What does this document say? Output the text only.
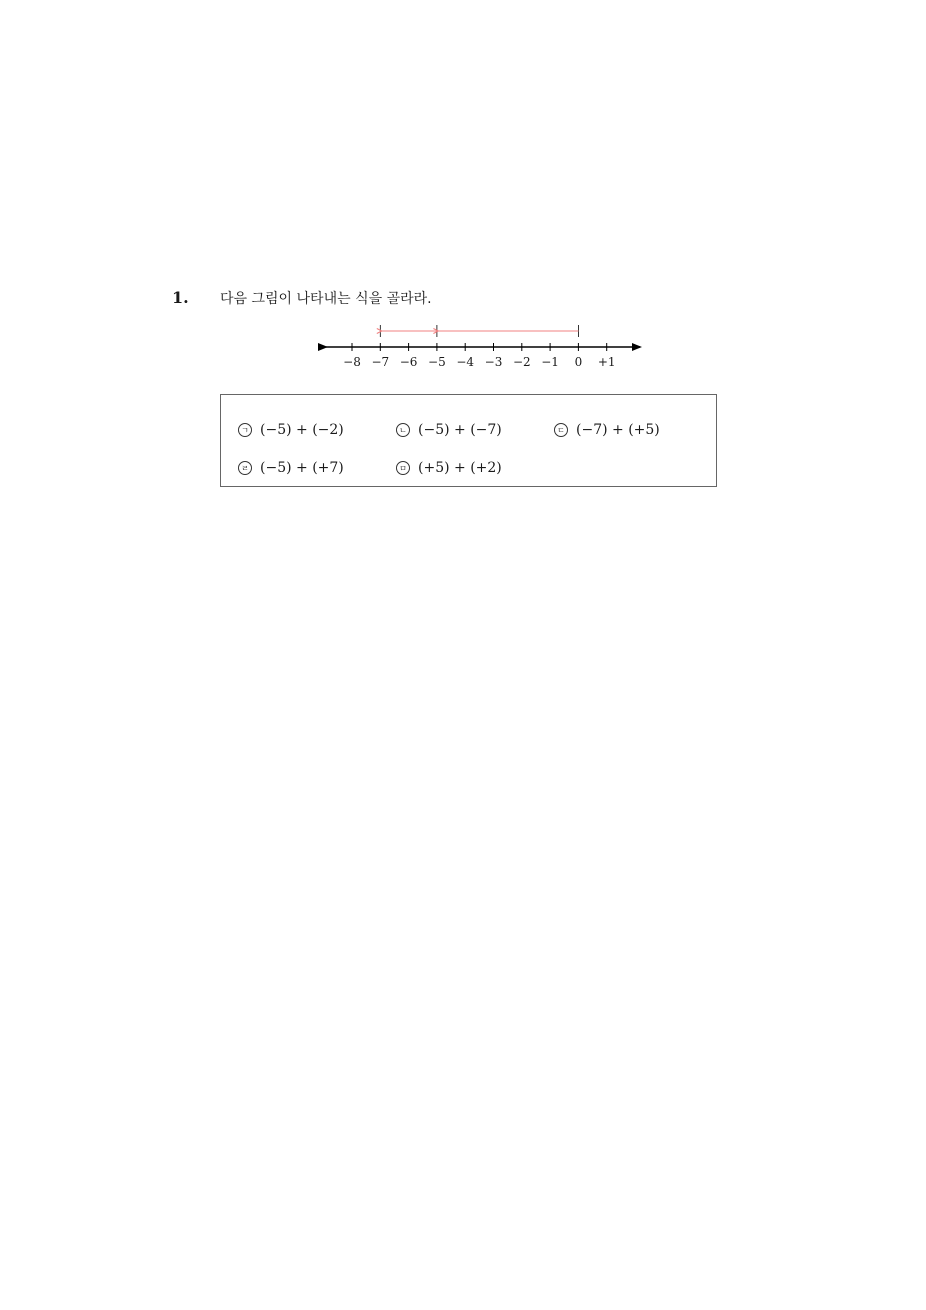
1. 다음 그림이 나타내는 식을 골라라.
−8 −7 −6 −5 −4 −3 −2 −1 0 +1
ㄱ (−5) + (−2)	ㄴ (−5) + (−7)	ㄷ (−7) + (+5)
ㄹ (−5) + (+7)	ㅁ (+5) + (+2)
